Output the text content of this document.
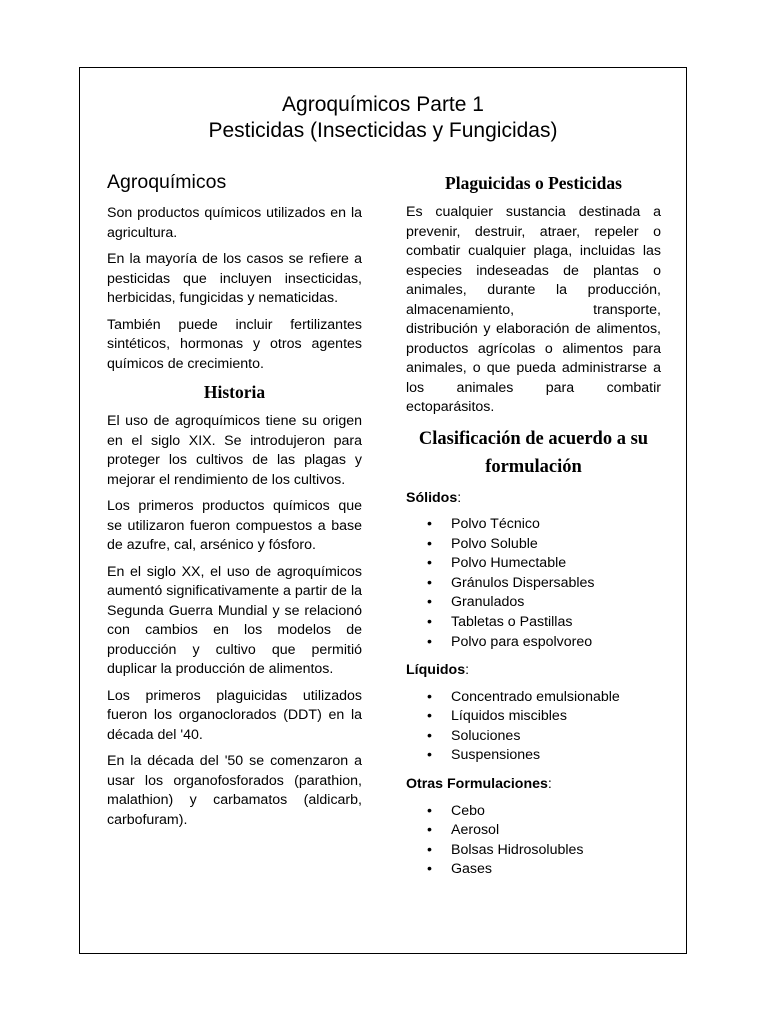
Agroquímicos Parte 1
Pesticidas (Insecticidas y Fungicidas)
Agroquímicos

Son productos químicos utilizados en la agricultura.

En la mayoría de los casos se refiere a pesticidas que incluyen insecticidas, herbicidas, fungicidas y nematicidas.

También puede incluir fertilizantes sintéticos, hormonas y otros agentes químicos de crecimiento.

Historia

El uso de agroquímicos tiene su origen en el siglo XIX. Se introdujeron para proteger los cultivos de las plagas y mejorar el rendimiento de los cultivos.

Los primeros productos químicos que se utilizaron fueron compuestos a base de azufre, cal, arsénico y fósforo.

En el siglo XX, el uso de agroquímicos aumentó significativamente a partir de la Segunda Guerra Mundial y se relacionó con cambios en los modelos de producción y cultivo que permitió duplicar la producción de alimentos.

Los primeros plaguicidas utilizados fueron los organoclorados (DDT) en la década del '40.

En la década del '50 se comenzaron a usar los organofosforados (parathion, malathion) y carbamatos (aldicarb, carbofuram).

Plaguicidas o Pesticidas

Es cualquier sustancia destinada a prevenir, destruir, atraer, repeler o combatir cualquier plaga, incluidas las especies indeseadas de plantas o animales, durante la producción, almacenamiento, transporte, distribución y elaboración de alimentos, productos agrícolas o alimentos para animales, o que pueda administrarse a los animales para combatir ectoparásitos.

Clasificación de acuerdo a su formulación
Sólidos:
• Polvo Técnico
• Polvo Soluble
• Polvo Humectable
• Gránulos Dispersables
• Granulados
• Tabletas o Pastillas
• Polvo para espolvoreo
Líquidos:
• Concentrado emulsionable
• Líquidos miscibles
• Soluciones
• Suspensiones
Otras Formulaciones:
• Cebo
• Aerosol
• Bolsas Hidrosolubles
• Gases
